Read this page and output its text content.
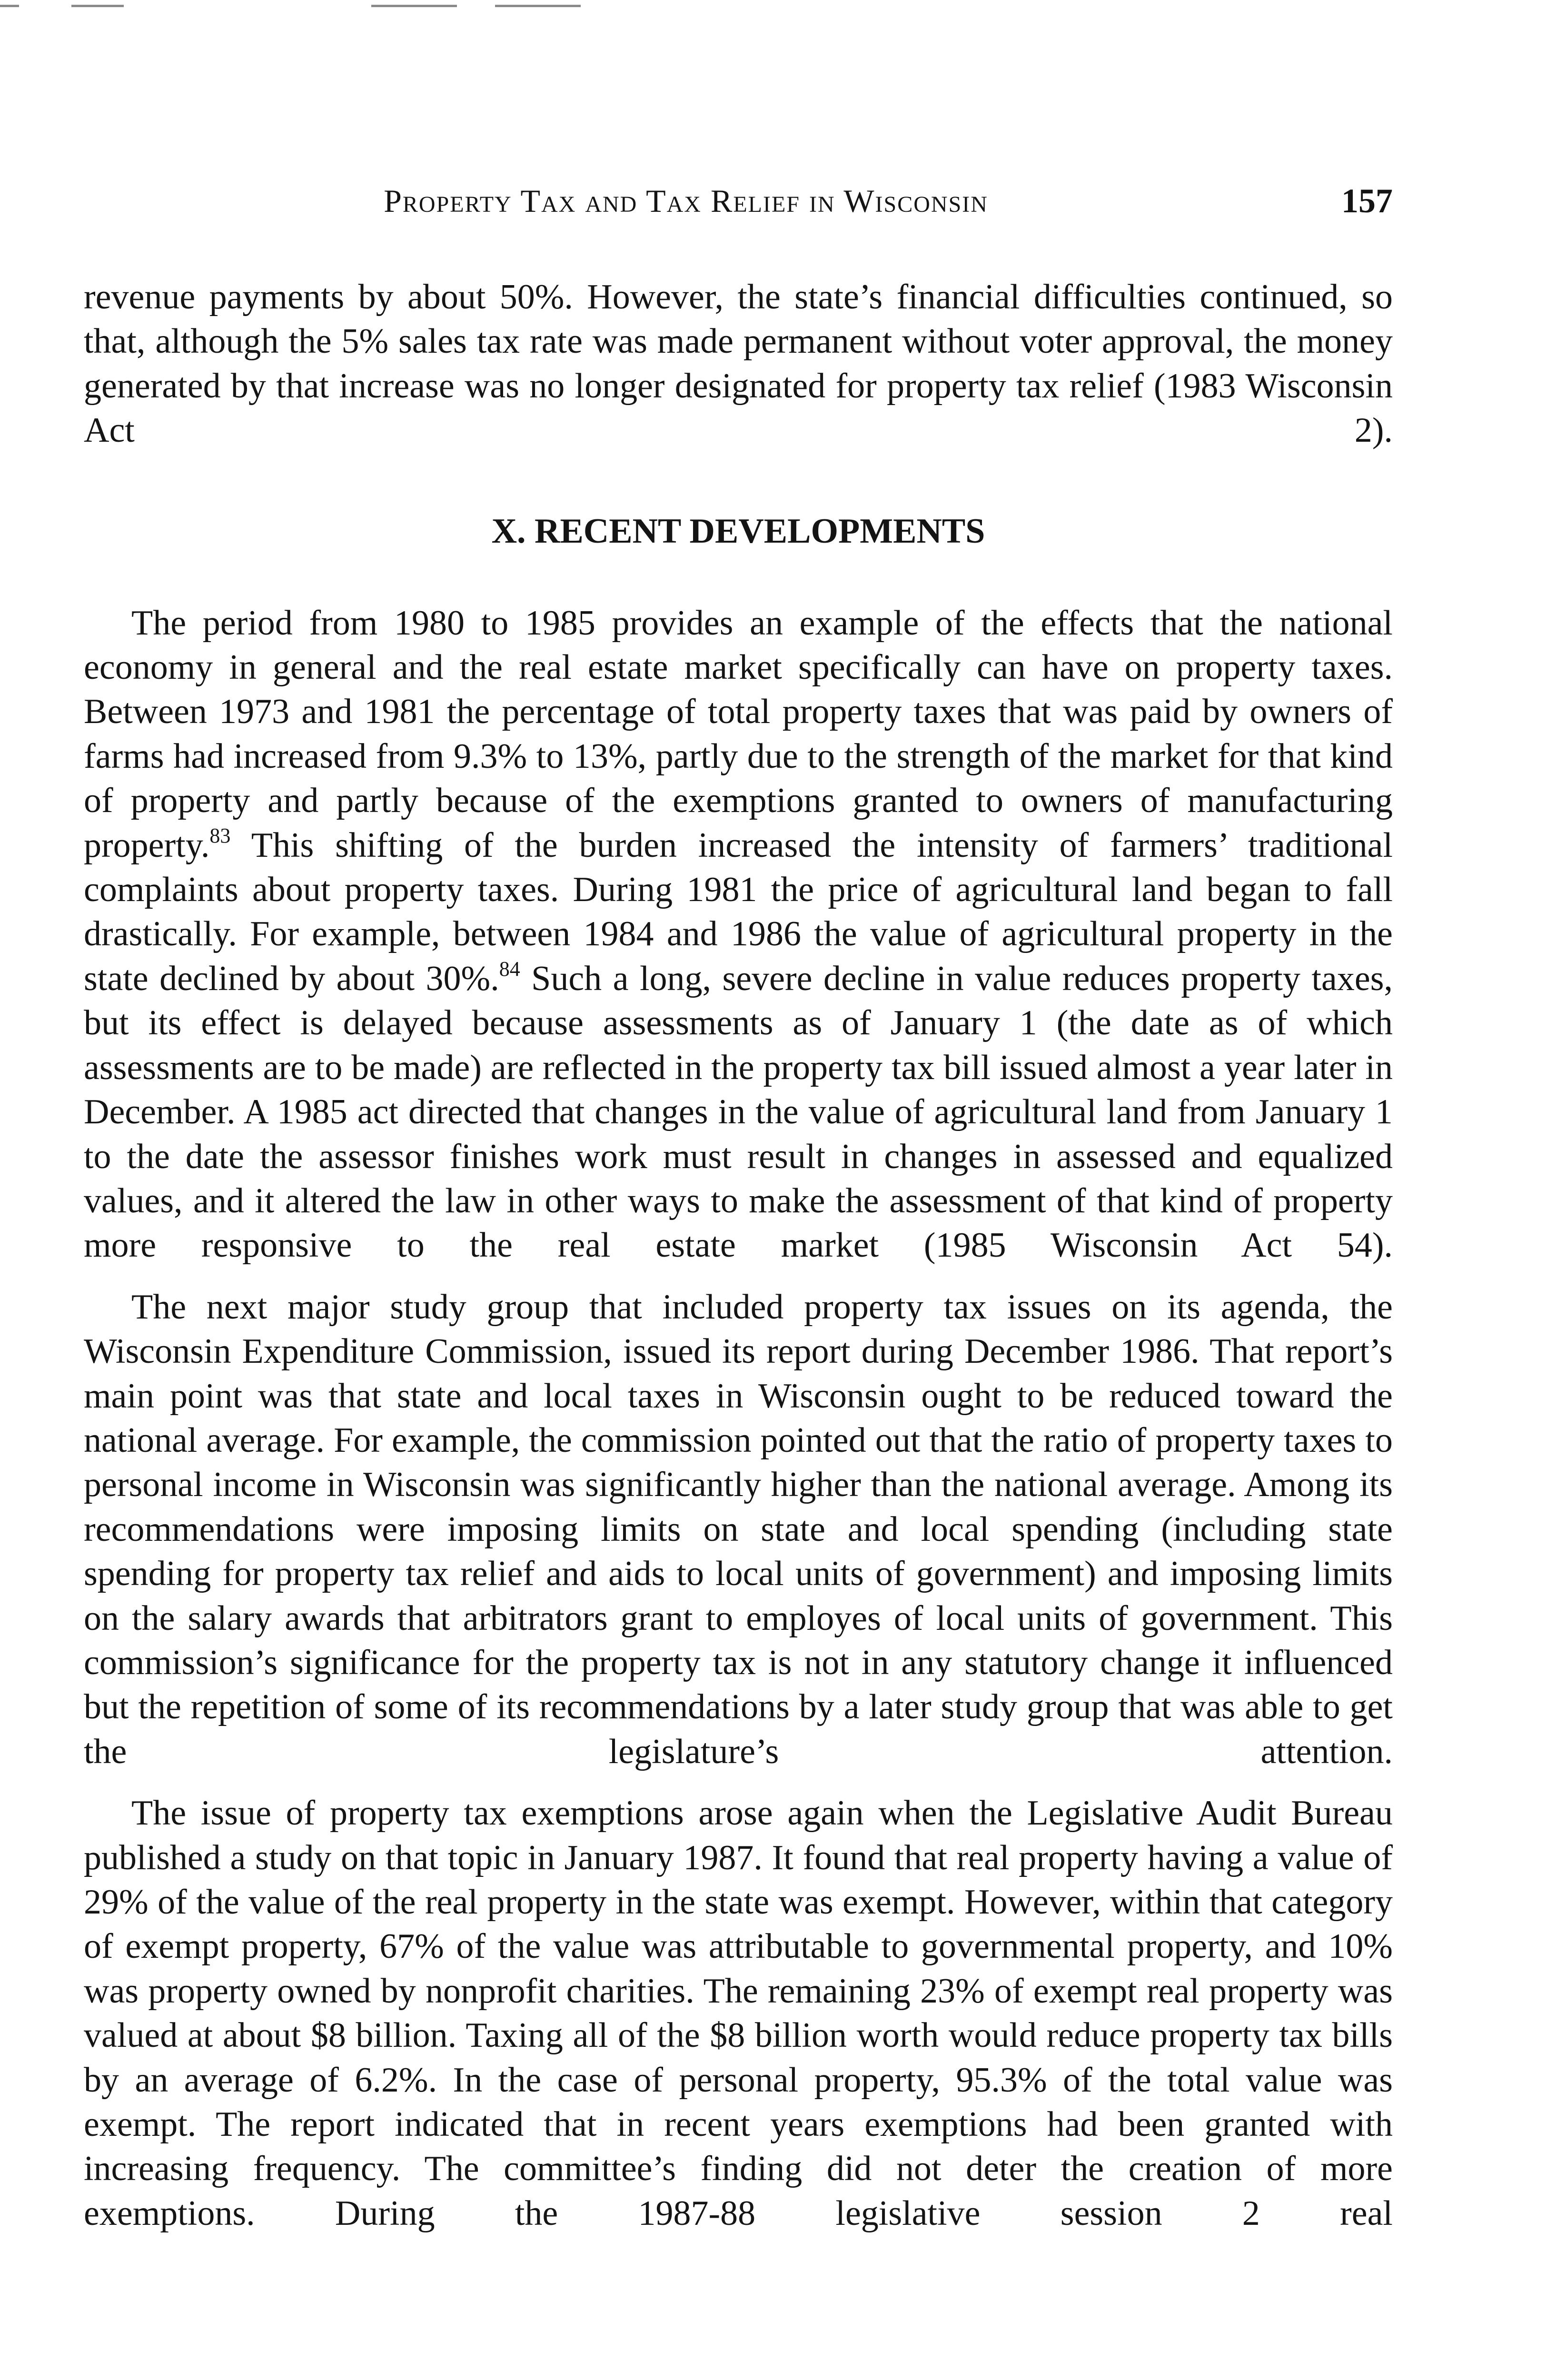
Property Tax and Tax Relief in Wisconsin	157

revenue payments by about 50%. However, the state’s financial difficulties continued, so that, although the 5% sales tax rate was made permanent without voter approval, the money generated by that increase was no longer designated for property tax relief (1983 Wisconsin Act 2).

X. RECENT DEVELOPMENTS

The period from 1980 to 1985 provides an example of the effects that the national economy in general and the real estate market specifically can have on property taxes. Between 1973 and 1981 the percentage of total property taxes that was paid by owners of farms had increased from 9.3% to 13%, partly due to the strength of the market for that kind of property and partly because of the exemptions granted to owners of manufacturing property.$^{83}$ This shifting of the burden increased the intensity of farmers’ traditional complaints about property taxes. During 1981 the price of agricultural land began to fall drastically. For example, between 1984 and 1986 the value of agricultural property in the state declined by about 30%.$^{84}$ Such a long, severe decline in value reduces property taxes, but its effect is delayed because assessments as of January 1 (the date as of which assessments are to be made) are reflected in the property tax bill issued almost a year later in December. A 1985 act directed that changes in the value of agricultural land from January 1 to the date the assessor finishes work must result in changes in assessed and equalized values, and it altered the law in other ways to make the assessment of that kind of property more responsive to the real estate market (1985 Wisconsin Act 54).

The next major study group that included property tax issues on its agenda, the Wisconsin Expenditure Commission, issued its report during December 1986. That report’s main point was that state and local taxes in Wisconsin ought to be reduced toward the national average. For example, the commission pointed out that the ratio of property taxes to personal income in Wisconsin was significantly higher than the national average. Among its recommendations were imposing limits on state and local spending (including state spending for property tax relief and aids to local units of government) and imposing limits on the salary awards that arbitrators grant to employes of local units of government. This commission’s significance for the property tax is not in any statutory change it influenced but the repetition of some of its recommendations by a later study group that was able to get the legislature’s attention.

The issue of property tax exemptions arose again when the Legislative Audit Bureau published a study on that topic in January 1987. It found that real property having a value of 29% of the value of the real property in the state was exempt. However, within that category of exempt property, 67% of the value was attributable to governmental property, and 10% was property owned by nonprofit charities. The remaining 23% of exempt real property was valued at about $8 billion. Taxing all of the $8 billion worth would reduce property tax bills by an average of 6.2%. In the case of personal property, 95.3% of the total value was exempt. The report indicated that in recent years exemptions had been granted with increasing frequency. The committee’s finding did not deter the creation of more exemptions. During the 1987-88 legislative session 2 real
